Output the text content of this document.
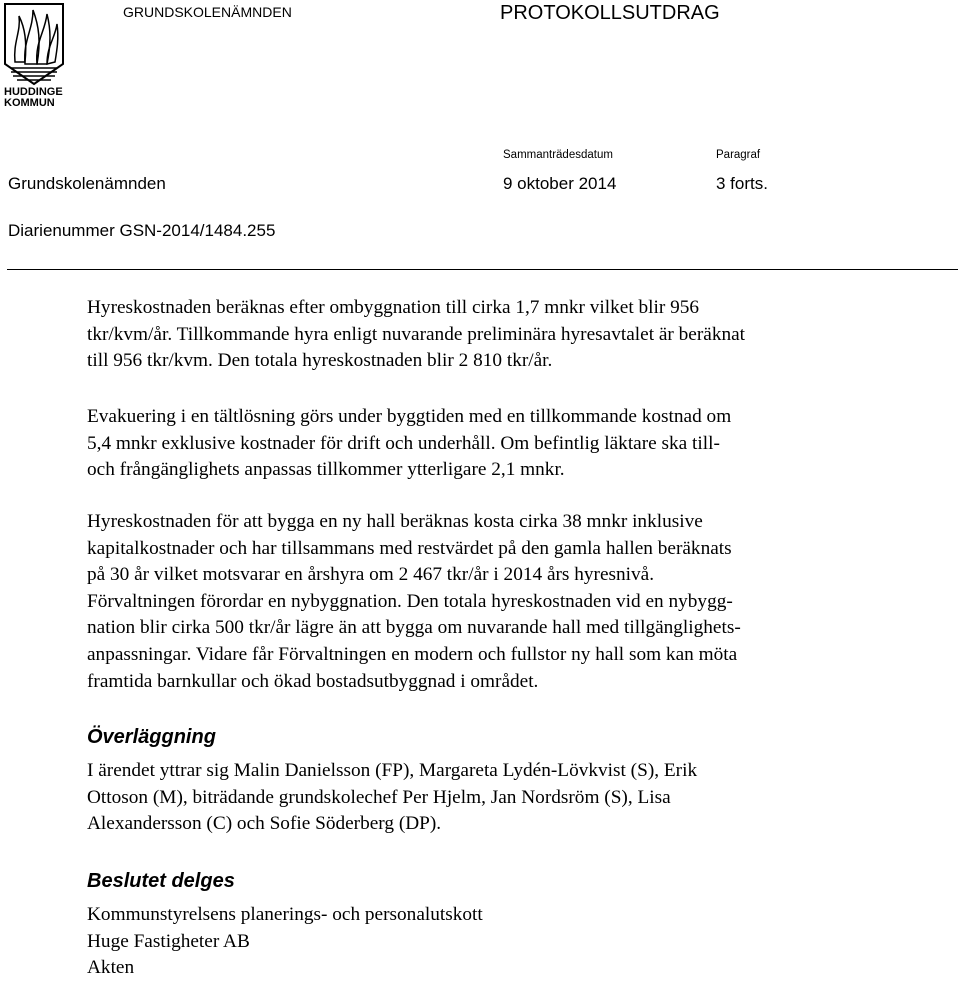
HUDDINGE
KOMMUN
GRUNDSKOLENÄMNDEN	PROTOKOLLSUTDRAG
Sammanträdesdatum	Paragraf
Grundskolenämnden	9 oktober 2014	3 forts.
Diarienummer GSN-2014/1484.255
Hyreskostnaden beräknas efter ombyggnation till cirka 1,7 mnkr vilket blir 956
tkr/kvm/år. Tillkommande hyra enligt nuvarande preliminära hyresavtalet är beräknat
till 956 tkr/kvm. Den totala hyreskostnaden blir 2 810 tkr/år.
Evakuering i en tältlösning görs under byggtiden med en tillkommande kostnad om
5,4 mnkr exklusive kostnader för drift och underhåll. Om befintlig läktare ska till-
och frångänglighets anpassas tillkommer ytterligare 2,1 mnkr.
Hyreskostnaden för att bygga en ny hall beräknas kosta cirka 38 mnkr inklusive
kapitalkostnader och har tillsammans med restvärdet på den gamla hallen beräknats
på 30 år vilket motsvarar en årshyra om 2 467 tkr/år i 2014 års hyresnivå.
Förvaltningen förordar en nybyggnation. Den totala hyreskostnaden vid en nybygg-
nation blir cirka 500 tkr/år lägre än att bygga om nuvarande hall med tillgänglighets-
anpassningar. Vidare får Förvaltningen en modern och fullstor ny hall som kan möta
framtida barnkullar och ökad bostadsutbyggnad i området.
Överläggning
I ärendet yttrar sig Malin Danielsson (FP), Margareta Lydén-Lövkvist (S), Erik
Ottoson (M), biträdande grundskolechef Per Hjelm, Jan Nordsröm (S), Lisa
Alexandersson (C) och Sofie Söderberg (DP).
Beslutet delges
Kommunstyrelsens planerings- och personalutskott
Huge Fastigheter AB
Akten
